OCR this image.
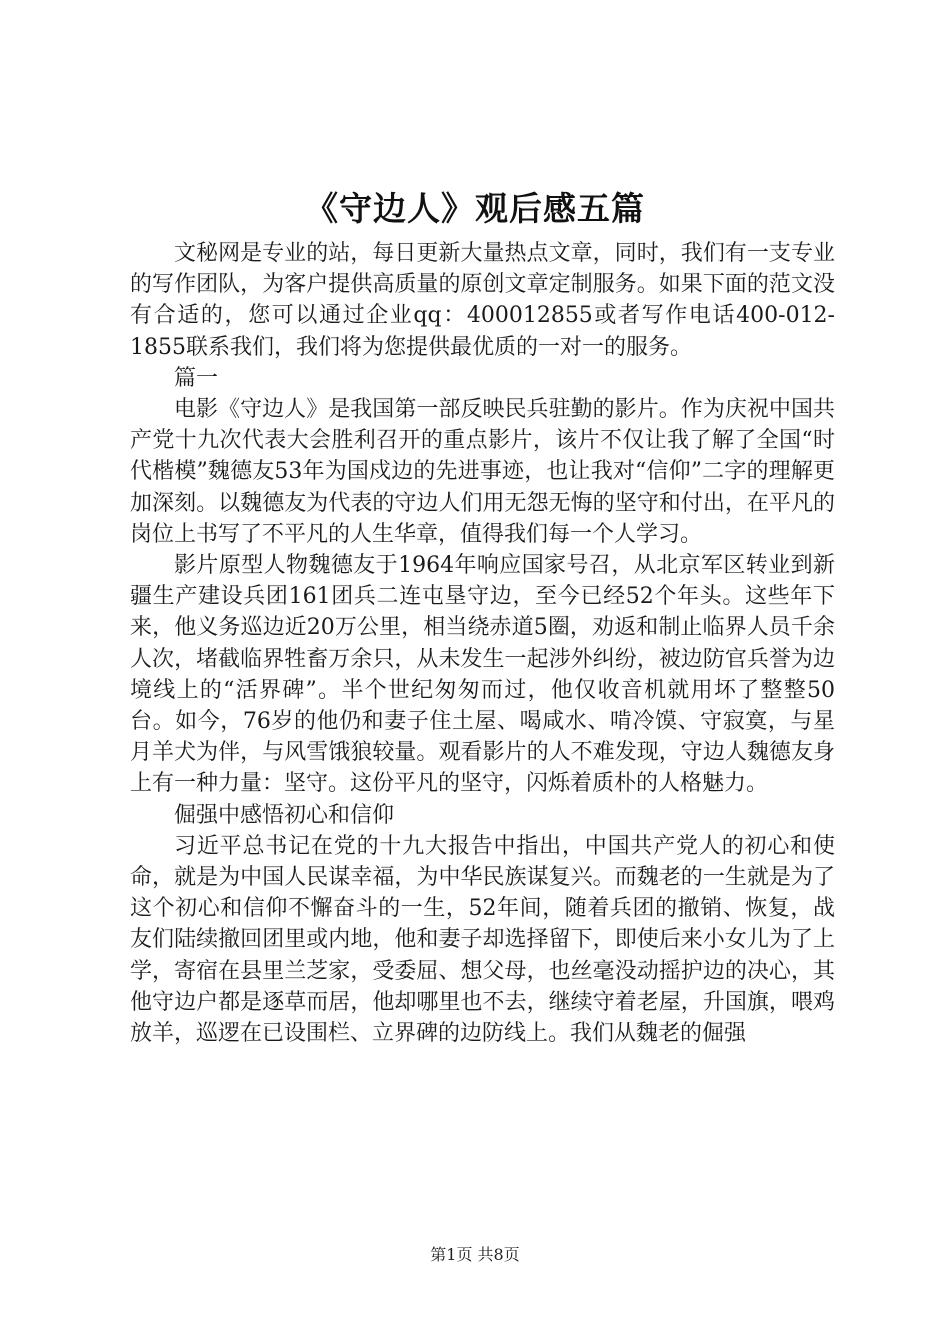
《守边人》观后感五篇

文秘网是专业的站，每日更新大量热点文章，同时，我们有一支专业的写作团队，为客户提供高质量的原创文章定制服务。如果下面的范文没有合适的，您可以通过企业qq：400012855或者写作电话400-012-1855联系我们，我们将为您提供最优质的一对一的服务。

篇一

电影《守边人》是我国第一部反映民兵驻勤的影片。作为庆祝中国共产党十九次代表大会胜利召开的重点影片，该片不仅让我了解了全国“时代楷模”魏德友53年为国戍边的先进事迹，也让我对“信仰”二字的理解更加深刻。以魏德友为代表的守边人们用无怨无悔的坚守和付出，在平凡的岗位上书写了不平凡的人生华章，值得我们每一个人学习。

影片原型人物魏德友于1964年响应国家号召，从北京军区转业到新疆生产建设兵团161团兵二连屯垦守边，至今已经52个年头。这些年下来，他义务巡边近20万公里，相当绕赤道5圈，劝返和制止临界人员千余人次，堵截临界牲畜万余只，从未发生一起涉外纠纷，被边防官兵誉为边境线上的“活界碑”。半个世纪匆匆而过，他仅收音机就用坏了整整50台。如今，76岁的他仍和妻子住土屋、喝咸水、啃冷馍、守寂寞，与星月羊犬为伴，与风雪饿狼较量。观看影片的人不难发现，守边人魏德友身上有一种力量：坚守。这份平凡的坚守，闪烁着质朴的人格魅力。

倔强中感悟初心和信仰

习近平总书记在党的十九大报告中指出，中国共产党人的初心和使命，就是为中国人民谋幸福，为中华民族谋复兴。而魏老的一生就是为了这个初心和信仰不懈奋斗的一生，52年间，随着兵团的撤销、恢复，战友们陆续撤回团里或内地，他和妻子却选择留下，即使后来小女儿为了上学，寄宿在县里兰芝家，受委屈、想父母，也丝毫没动摇护边的决心，其他守边户都是逐草而居，他却哪里也不去，继续守着老屋，升国旗，喂鸡放羊，巡逻在已设围栏、立界碑的边防线上。我们从魏老的倔强

第1页 共8页
